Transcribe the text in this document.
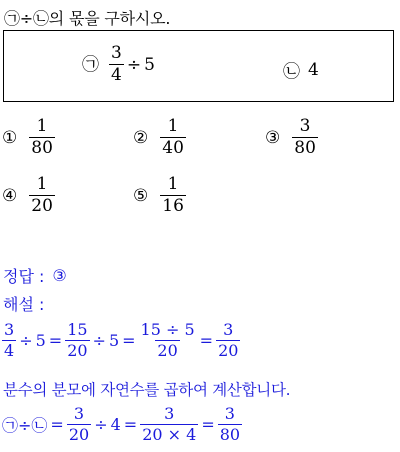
㉠÷㉡의 몫을 구하시오.
㉠ $\frac{3}{4} \div 5$	㉡ 4
① $\frac{1}{80}$	② $\frac{1}{40}$	③ $\frac{3}{80}$
④ $\frac{1}{20}$	⑤ $\frac{1}{16}$
정답 : ③
해설 :
$\frac{3}{4} \div 5 = \frac{15}{20} \div 5 = \frac{15 \div 5}{20} = \frac{3}{20}$
분수의 분모에 자연수를 곱하여 계산합니다.
㉠÷㉡ = $\frac{3}{20} \div 4 = \frac{3}{20 \times 4} = \frac{3}{80}$
